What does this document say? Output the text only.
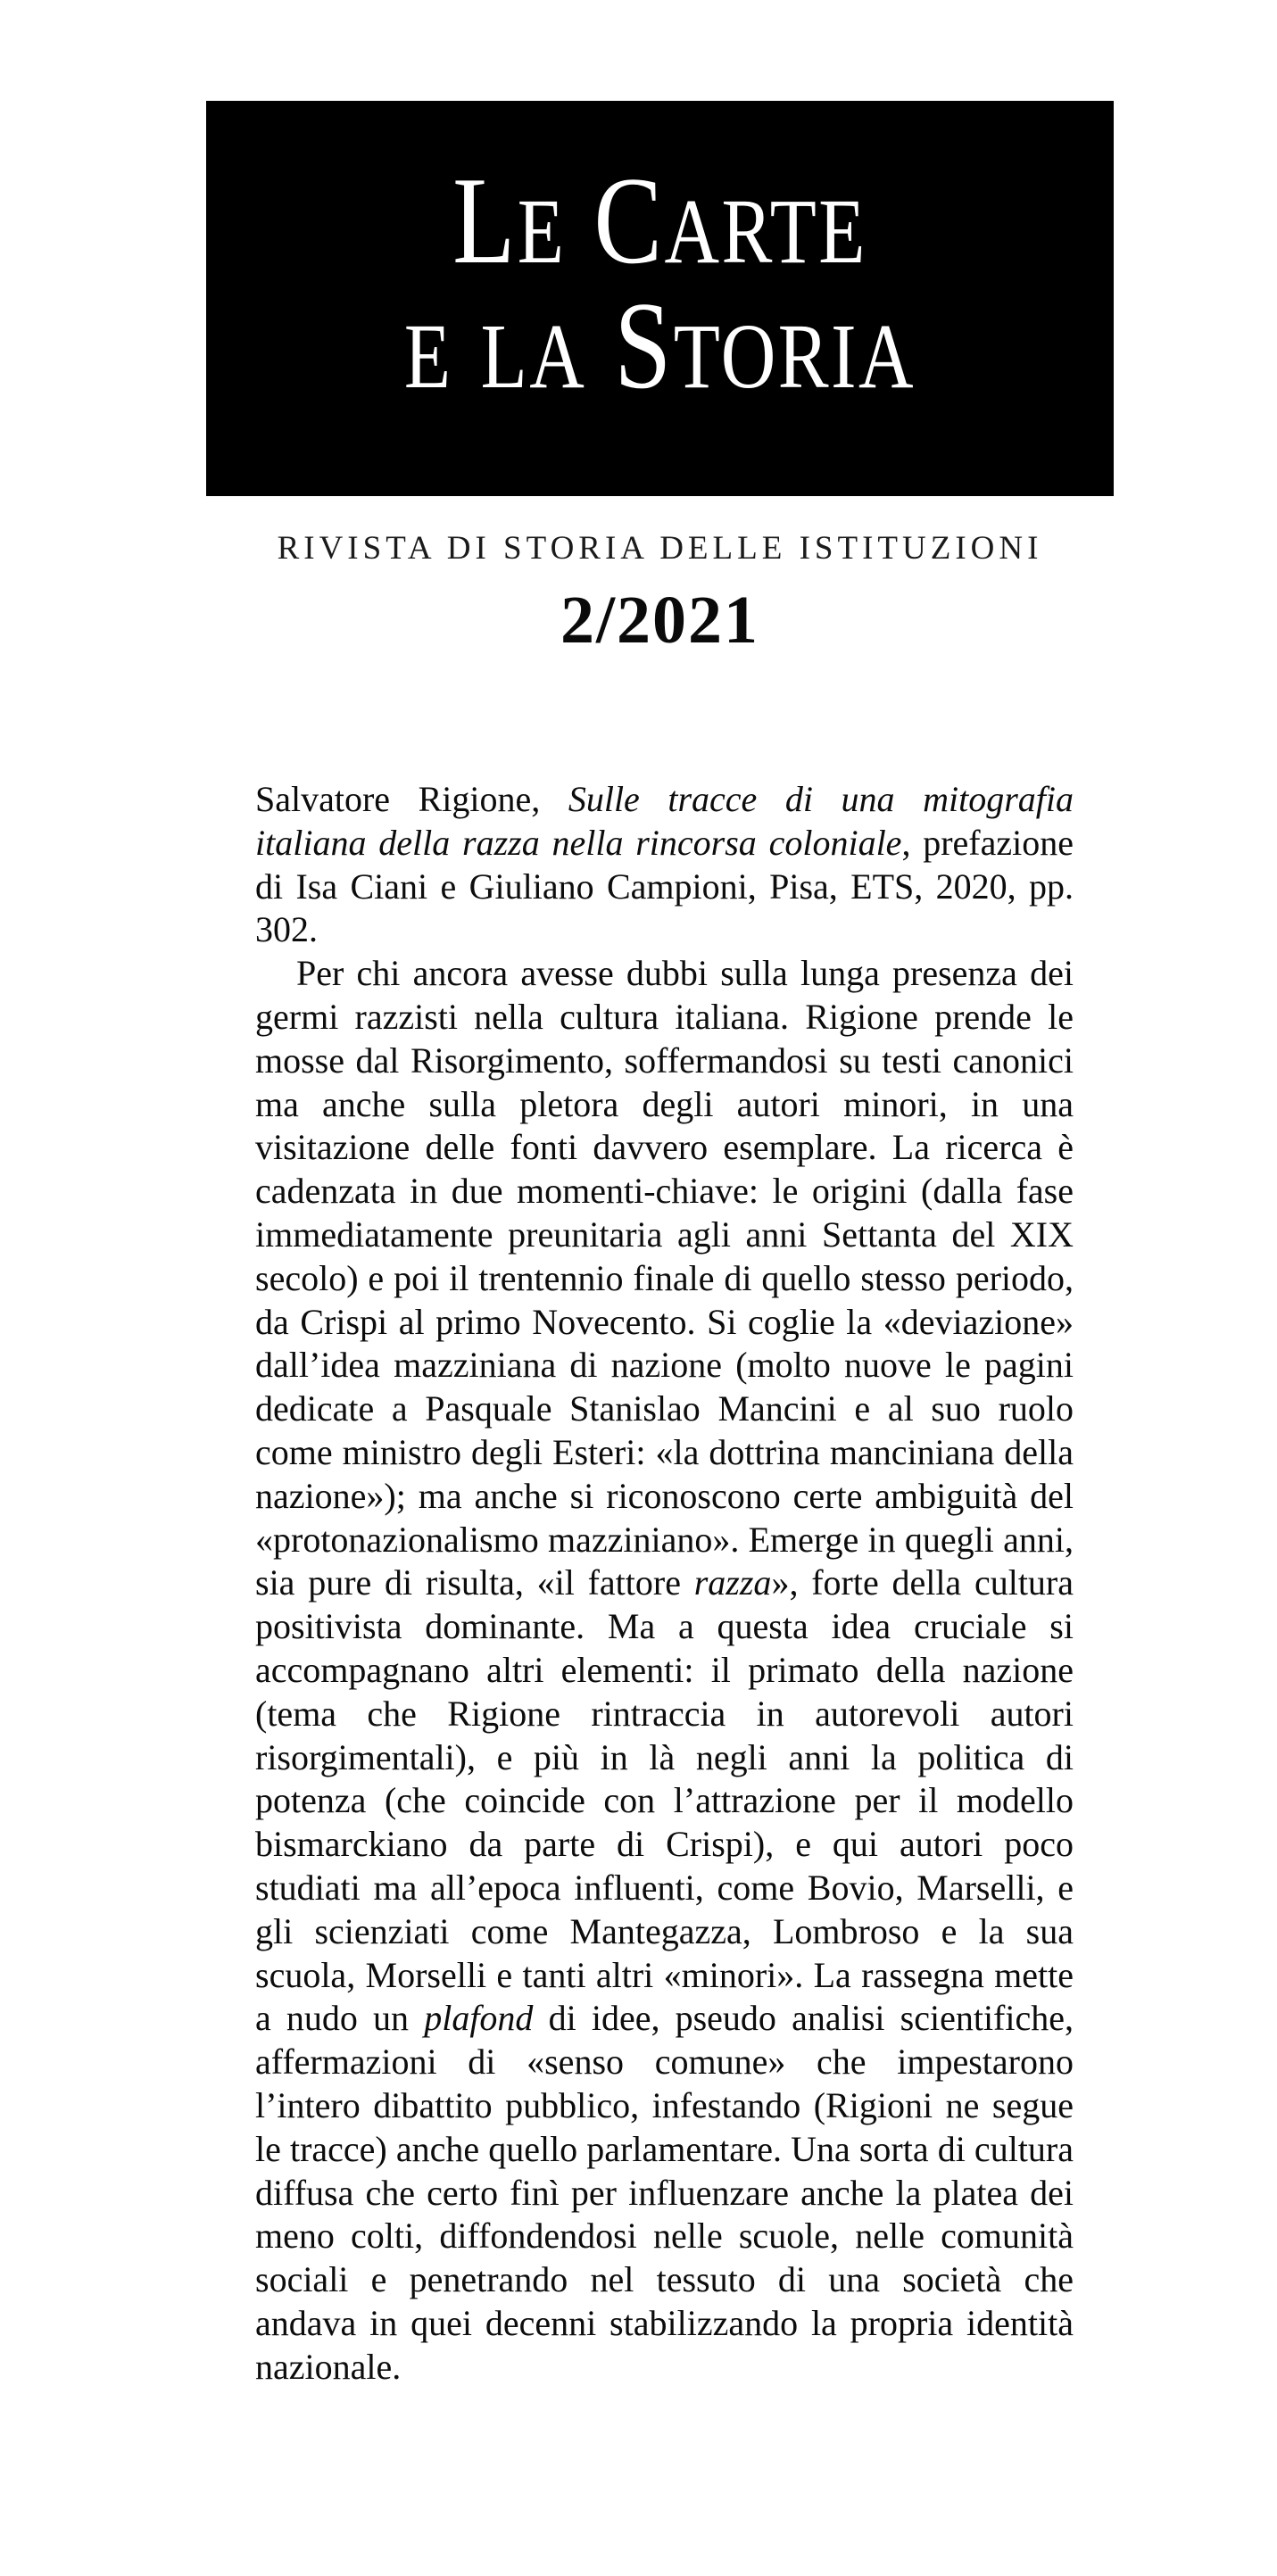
LE CARTE
E LA STORIA
RIVISTA DI STORIA DELLE ISTITUZIONI
2/2021

Salvatore Rigione, Sulle tracce di una mitografia italiana della razza nella rincorsa coloniale, prefazione di Isa Ciani e Giuliano Campioni, Pisa, ETS, 2020, pp. 302.

Per chi ancora avesse dubbi sulla lunga presenza dei germi razzisti nella cultura italiana. Rigione prende le mosse dal Risorgimento, soffermandosi su testi canonici ma anche sulla pletora degli autori minori, in una visitazione delle fonti davvero esemplare. La ricerca è cadenzata in due momenti-chiave: le origini (dalla fase immediatamente preunitaria agli anni Settanta del XIX secolo) e poi il trentennio finale di quello stesso periodo, da Crispi al primo Novecento. Si coglie la «deviazione» dall’idea mazziniana di nazione (molto nuove le pagini dedicate a Pasquale Stanislao Mancini e al suo ruolo come ministro degli Esteri: «la dottrina manciniana della nazione»); ma anche si riconoscono certe ambiguità del «protonazionalismo mazziniano». Emerge in quegli anni, sia pure di risulta, «il fattore razza», forte della cultura positivista dominante. Ma a questa idea cruciale si accompagnano altri elementi: il primato della nazione (tema che Rigione rintraccia in autorevoli autori risorgimentali), e più in là negli anni la politica di potenza (che coincide con l’attrazione per il modello bismarckiano da parte di Crispi), e qui autori poco studiati ma all’epoca influenti, come Bovio, Marselli, e gli scienziati come Mantegazza, Lombroso e la sua scuola, Morselli e tanti altri «minori». La rassegna mette a nudo un plafond di idee, pseudo analisi scientifiche, affermazioni di «senso comune» che impestarono l’intero dibattito pubblico, infestando (Rigioni ne segue le tracce) anche quello parlamentare. Una sorta di cultura diffusa che certo finì per influenzare anche la platea dei meno colti, diffondendosi nelle scuole, nelle comunità sociali e penetrando nel tessuto di una società che andava in quei decenni stabilizzando la propria identità nazionale.
